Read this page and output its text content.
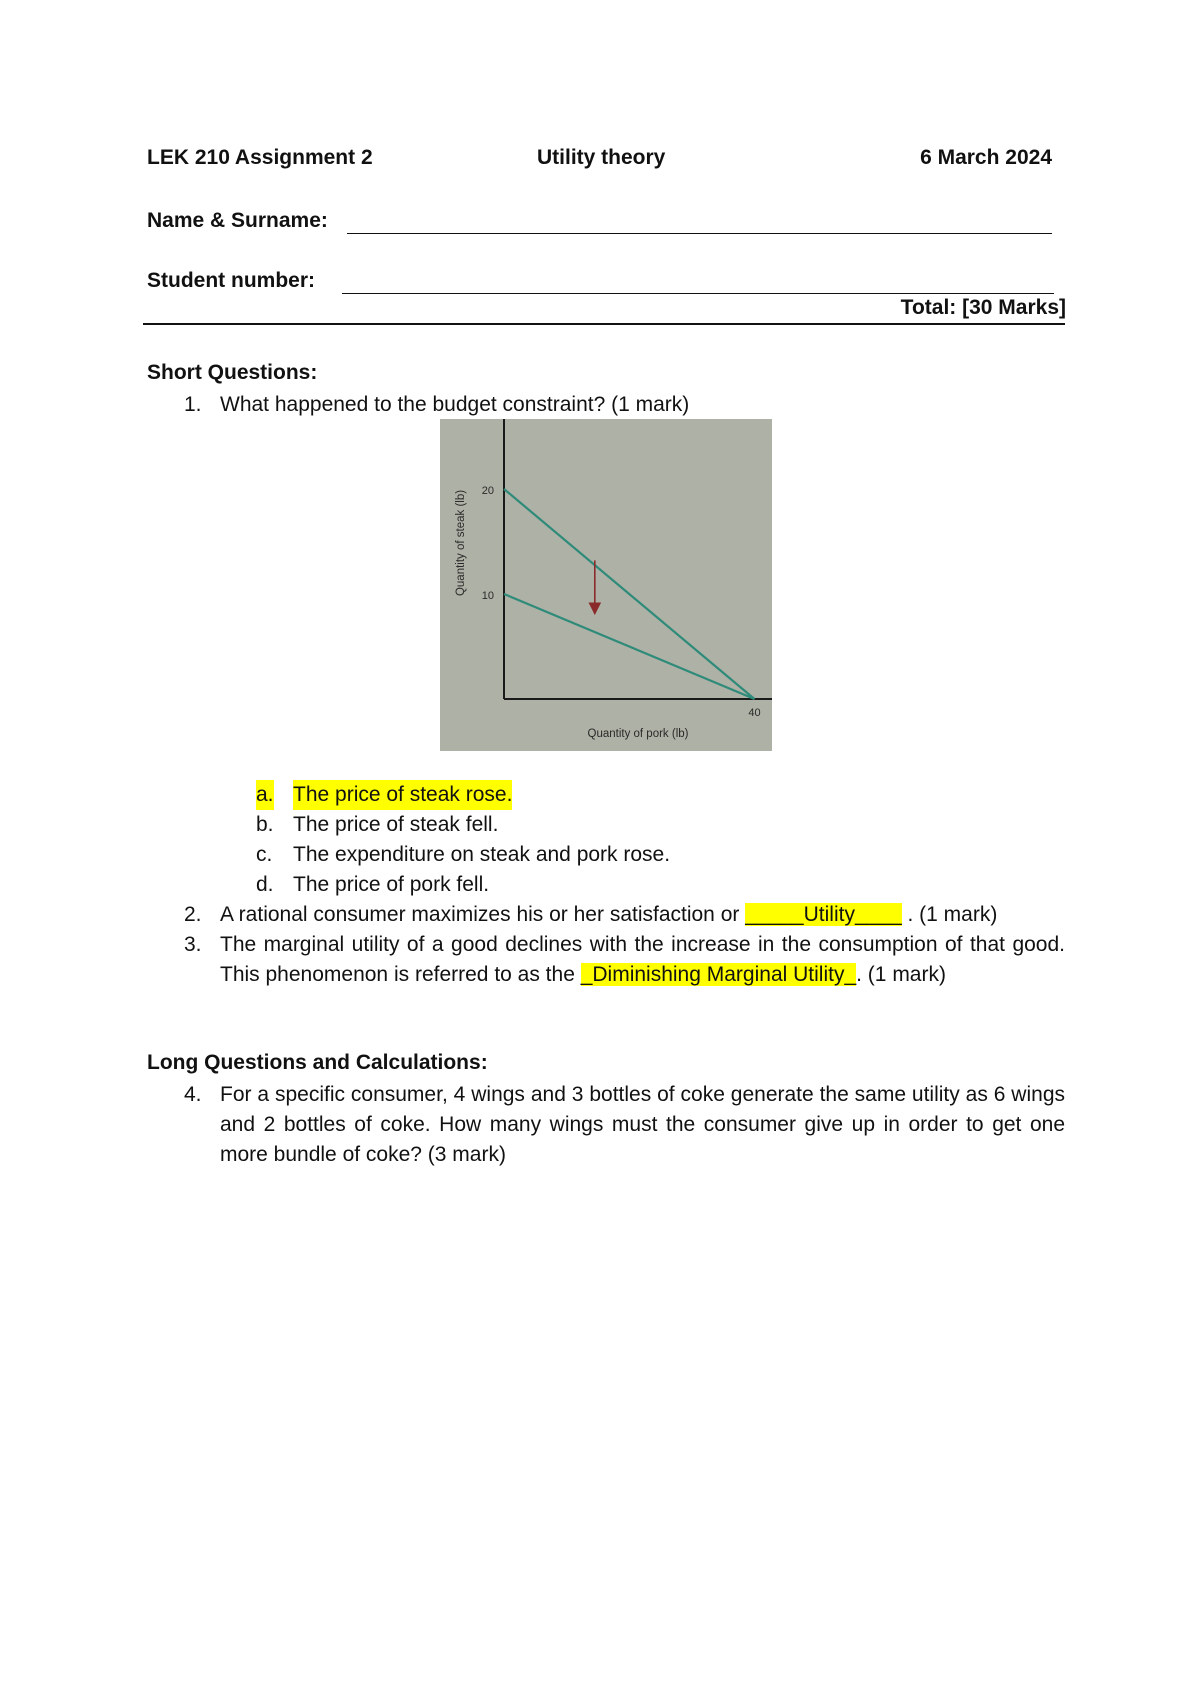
LEK 210 Assignment 2	Utility theory	6 March 2024
Name & Surname:
Student number:
Total: [30 Marks]
Short Questions:
1. What happened to the budget constraint? (1 mark)
10
20
40
Quantity of pork (lb)
Quantity of steak (lb)
a. The price of steak rose.
b. The price of steak fell.
c. The expenditure on steak and pork rose.
d. The price of pork fell.
2. A rational consumer maximizes his or her satisfaction or _____Utility____ . (1 mark)
3. The marginal utility of a good declines with the increase in the consumption of that good. This phenomenon is referred to as the _Diminishing Marginal Utility_. (1 mark)
Long Questions and Calculations:
4. For a specific consumer, 4 wings and 3 bottles of coke generate the same utility as 6 wings and 2 bottles of coke. How many wings must the consumer give up in order to get one more bundle of coke? (3 mark)
